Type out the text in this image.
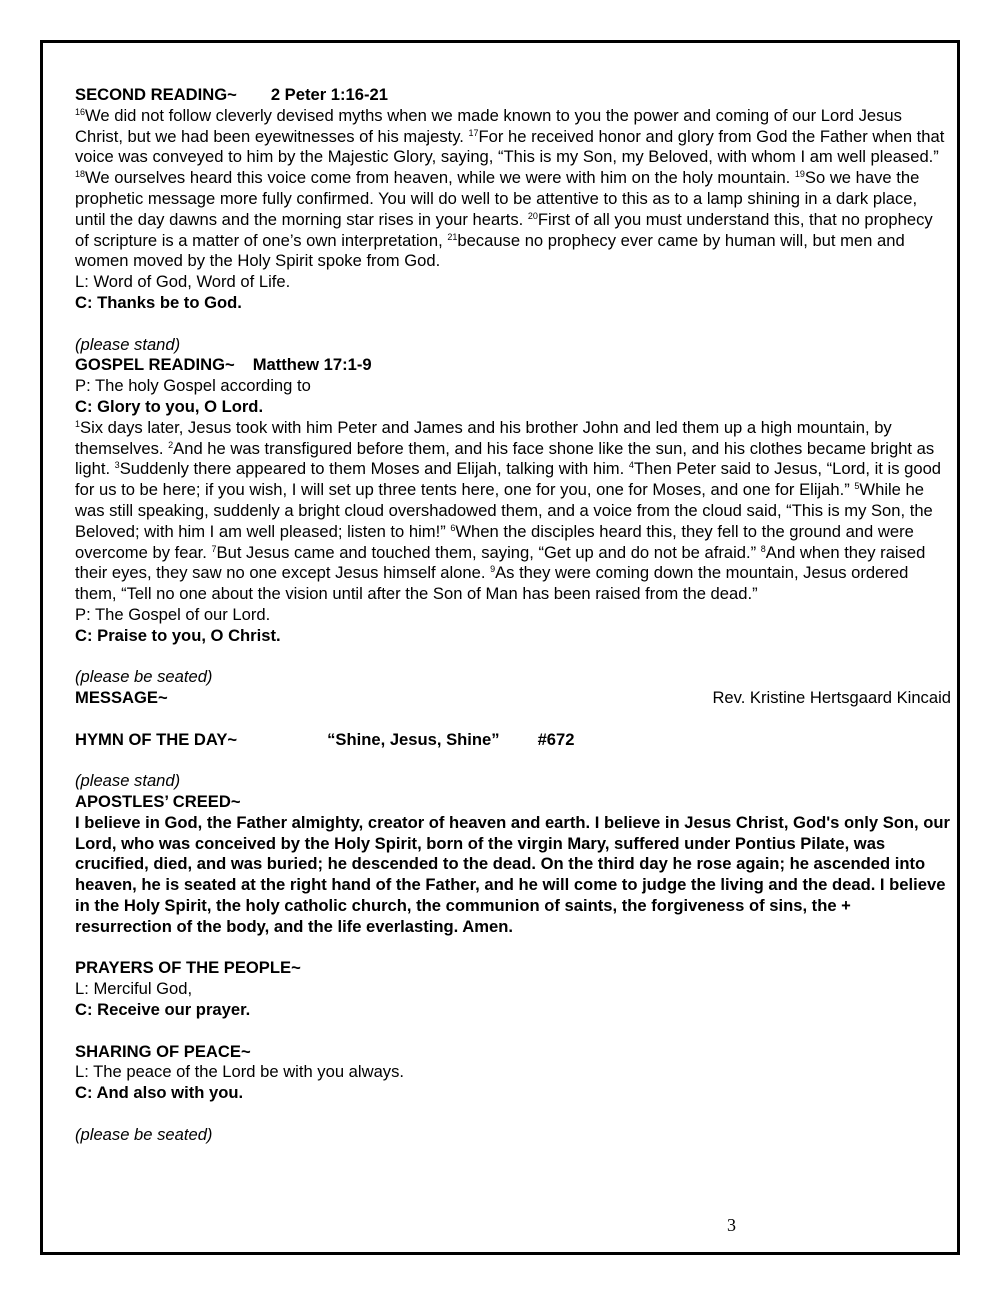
SECOND READING~ 2 Peter 1:16-21

$^{16}$We did not follow cleverly devised myths when we made known to you the power and coming of our Lord Jesus Christ, but we had been eyewitnesses of his majesty. $^{17}$For he received honor and glory from God the Father when that voice was conveyed to him by the Majestic Glory, saying, “This is my Son, my Beloved, with whom I am well pleased.” $^{18}$We ourselves heard this voice come from heaven, while we were with him on the holy mountain. $^{19}$So we have the prophetic message more fully confirmed. You will do well to be attentive to this as to a lamp shining in a dark place, until the day dawns and the morning star rises in your hearts. $^{20}$First of all you must understand this, that no prophecy of scripture is a matter of one’s own interpretation, $^{21}$because no prophecy ever came by human will, but men and women moved by the Holy Spirit spoke from God.

L: Word of God, Word of Life.

C: Thanks be to God.

(please stand)

GOSPEL READING~ Matthew 17:1-9

P: The holy Gospel according to

C: Glory to you, O Lord.

$^1$Six days later, Jesus took with him Peter and James and his brother John and led them up a high mountain, by themselves. $^2$And he was transfigured before them, and his face shone like the sun, and his clothes became bright as light. $^3$Suddenly there appeared to them Moses and Elijah, talking with him. $^4$Then Peter said to Jesus, “Lord, it is good for us to be here; if you wish, I will set up three tents here, one for you, one for Moses, and one for Elijah.” $^5$While he was still speaking, suddenly a bright cloud overshadowed them, and a voice from the cloud said, “This is my Son, the Beloved; with him I am well pleased; listen to him!” $^6$When the disciples heard this, they fell to the ground and were overcome by fear. $^7$But Jesus came and touched them, saying, “Get up and do not be afraid.” $^8$And when they raised their eyes, they saw no one except Jesus himself alone. $^9$As they were coming down the mountain, Jesus ordered them, “Tell no one about the vision until after the Son of Man has been raised from the dead.”

P: The Gospel of our Lord.

C: Praise to you, O Christ.

(please be seated)

MESSAGE~	Rev. Kristine Hertsgaard Kincaid

HYMN OF THE DAY~	“Shine, Jesus, Shine” #672

(please stand)

APOSTLES’ CREED~

I believe in God, the Father almighty, creator of heaven and earth. I believe in Jesus Christ, God's only Son, our Lord, who was conceived by the Holy Spirit, born of the virgin Mary, suffered under Pontius Pilate, was crucified, died, and was buried; he descended to the dead. On the third day he rose again; he ascended into heaven, he is seated at the right hand of the Father, and he will come to judge the living and the dead. I believe in the Holy Spirit, the holy catholic church, the communion of saints, the forgiveness of sins, the + resurrection of the body, and the life everlasting. Amen.

PRAYERS OF THE PEOPLE~

L: Merciful God,

C: Receive our prayer.

SHARING OF PEACE~

L: The peace of the Lord be with you always.

C: And also with you.

(please be seated)

3
